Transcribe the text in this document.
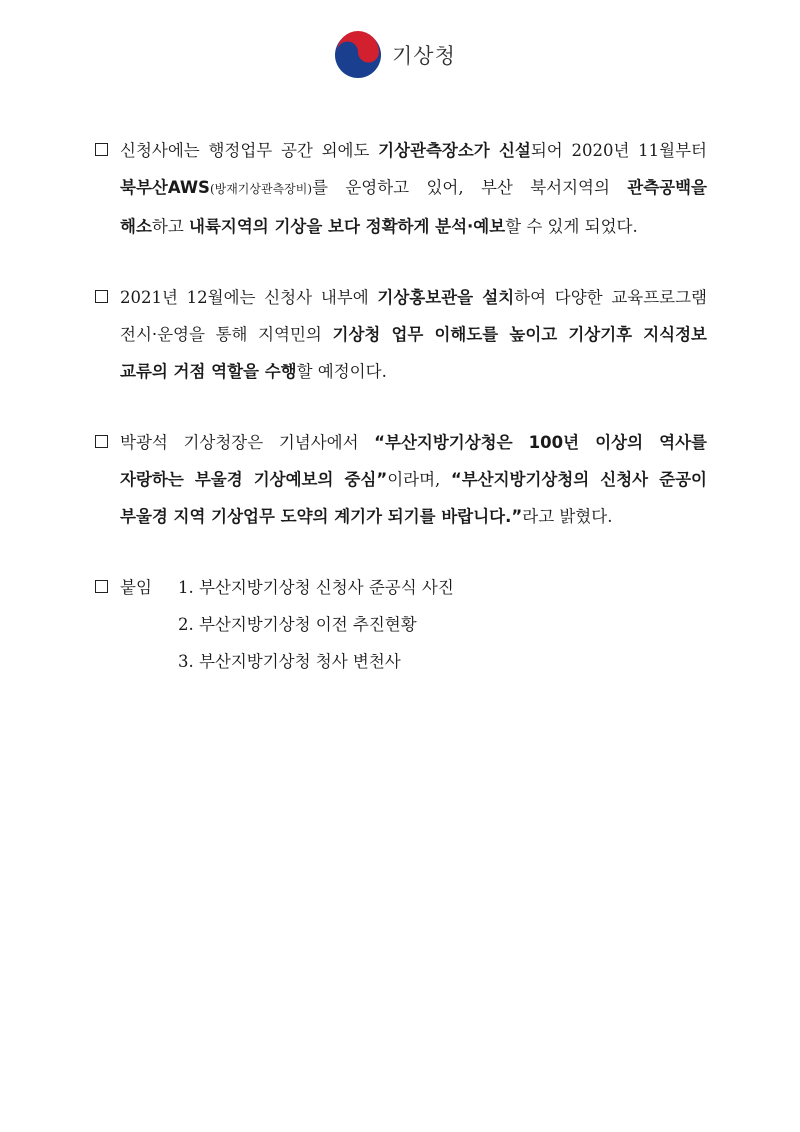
기상청
신청사에는 행정업무 공간 외에도 기상관측장소가 신설되어 2020년 11월부터 북부산AWS(방재기상관측장비)를 운영하고 있어, 부산 북서지역의 관측공백을 해소하고 내륙지역의 기상을 보다 정확하게 분석·예보할 수 있게 되었다.
2021년 12월에는 신청사 내부에 기상홍보관을 설치하여 다양한 교육프로그램 전시·운영을 통해 지역민의 기상청 업무 이해도를 높이고 기상기후 지식정보 교류의 거점 역할을 수행할 예정이다.
박광석 기상청장은 기념사에서 “부산지방기상청은 100년 이상의 역사를 자랑하는 부울경 기상예보의 중심”이라며, “부산지방기상청의 신청사 준공이 부울경 지역 기상업무 도약의 계기가 되기를 바랍니다.”라고 밝혔다.
붙임	1. 부산지방기상청 신청사 준공식 사진
2. 부산지방기상청 이전 추진현황
3. 부산지방기상청 청사 변천사
